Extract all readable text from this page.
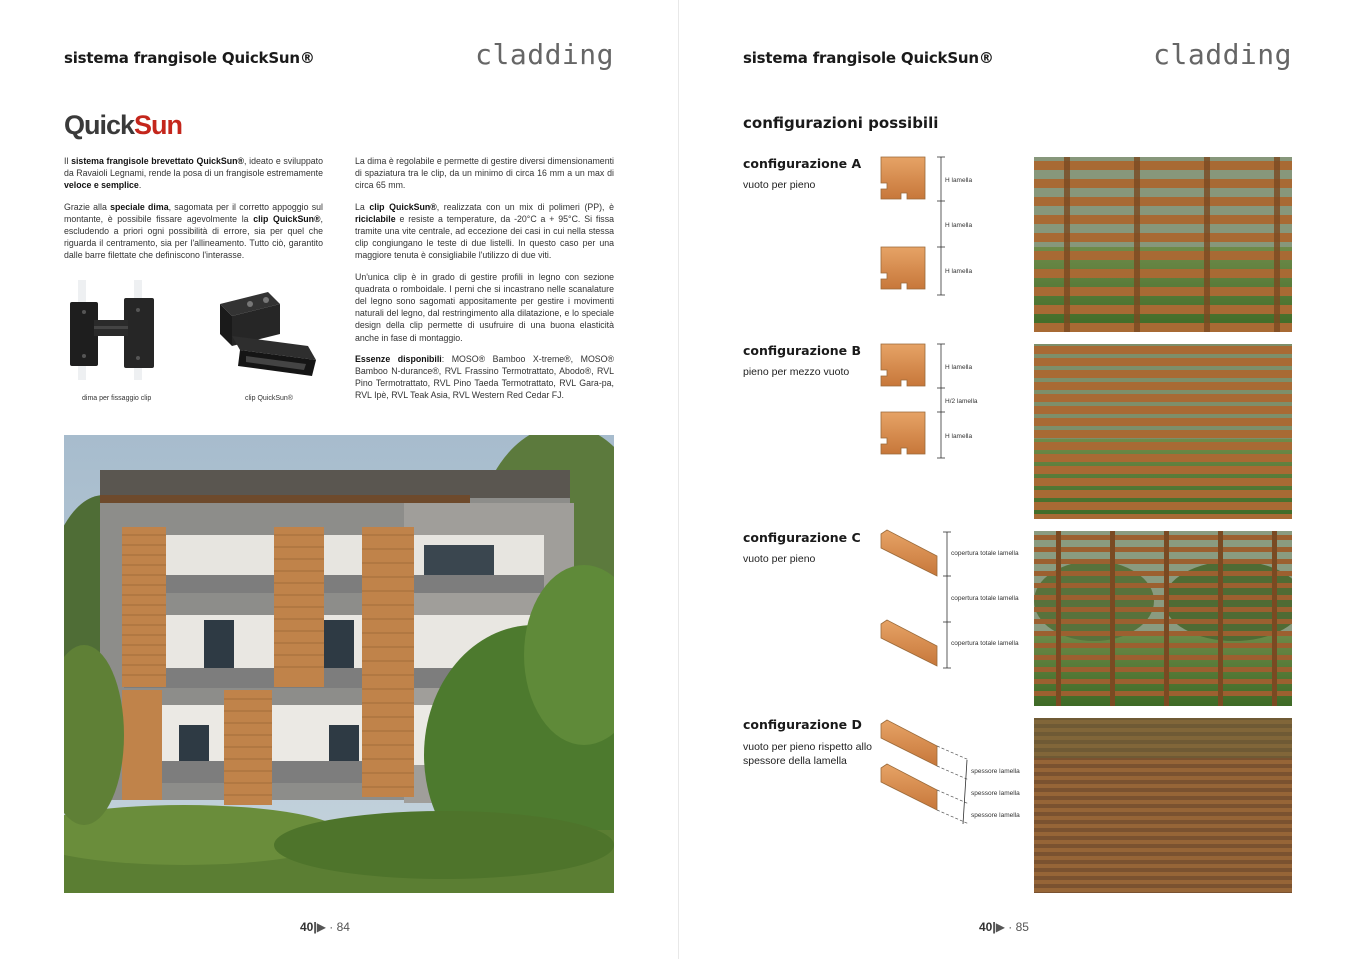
sistema frangisole QuickSun®	cladding
QuickSun

Il sistema frangisole brevettato QuickSun®, ideato e sviluppato da Ravaioli Legnami, rende la posa di un frangisole estremamente veloce e semplice.

Grazie alla speciale dima, sagomata per il corretto appoggio sul montante, è possibile fissare agevolmente la clip QuickSun®, escludendo a priori ogni possibilità di errore, sia per quel che riguarda il centramento, sia per l'allineamento. Tutto ciò, garantito dalle barre filettate che definiscono l'interasse.

La dima è regolabile e permette di gestire diversi dimensionamenti di spaziatura tra le clip, da un minimo di circa 16 mm a un max di circa 65 mm.

La clip QuickSun®, realizzata con un mix di polimeri (PP), è riciclabile e resiste a temperature, da -20°C a + 95°C. Si fissa tramite una vite centrale, ad eccezione dei casi in cui nella stessa clip congiungano le teste di due listelli. In questo caso per una maggiore tenuta è consigliabile l'utilizzo di due viti.

Un'unica clip è in grado di gestire profili in legno con sezione quadrata o romboidale. I perni che si incastrano nelle scanalature del legno sono sagomati appositamente per gestire i movimenti naturali del legno, dal restringimento alla dilatazione, e lo speciale design della clip permette di usufruire di una buona elasticità anche in fase di montaggio.

Essenze disponibili: MOSO® Bamboo X-treme®, MOSO® Bamboo N-durance®, RVL Frassino Termotrattato, Abodo®, RVL Pino Termotrattato, RVL Pino Taeda Termotrattato, RVL Gara-pa, RVL Ipè, RVL Teak Asia, RVL Western Red Cedar FJ.

dima per fissaggio clip	clip QuickSun®
40|▶ · 84
sistema frangisole QuickSun®	cladding
configurazioni possibili
configurazione A
vuoto per pieno	H lamella
H lamella
H lamella
configurazione B
pieno per mezzo vuoto	H lamella
H/2 lamella
H lamella
configurazione C
vuoto per pieno	copertura totale lamella
copertura totale lamella
copertura totale lamella
configurazione D
vuoto per pieno rispetto allo spessore della lamella
spessore lamella
spessore lamella
spessore lamella
40|▶ · 85
